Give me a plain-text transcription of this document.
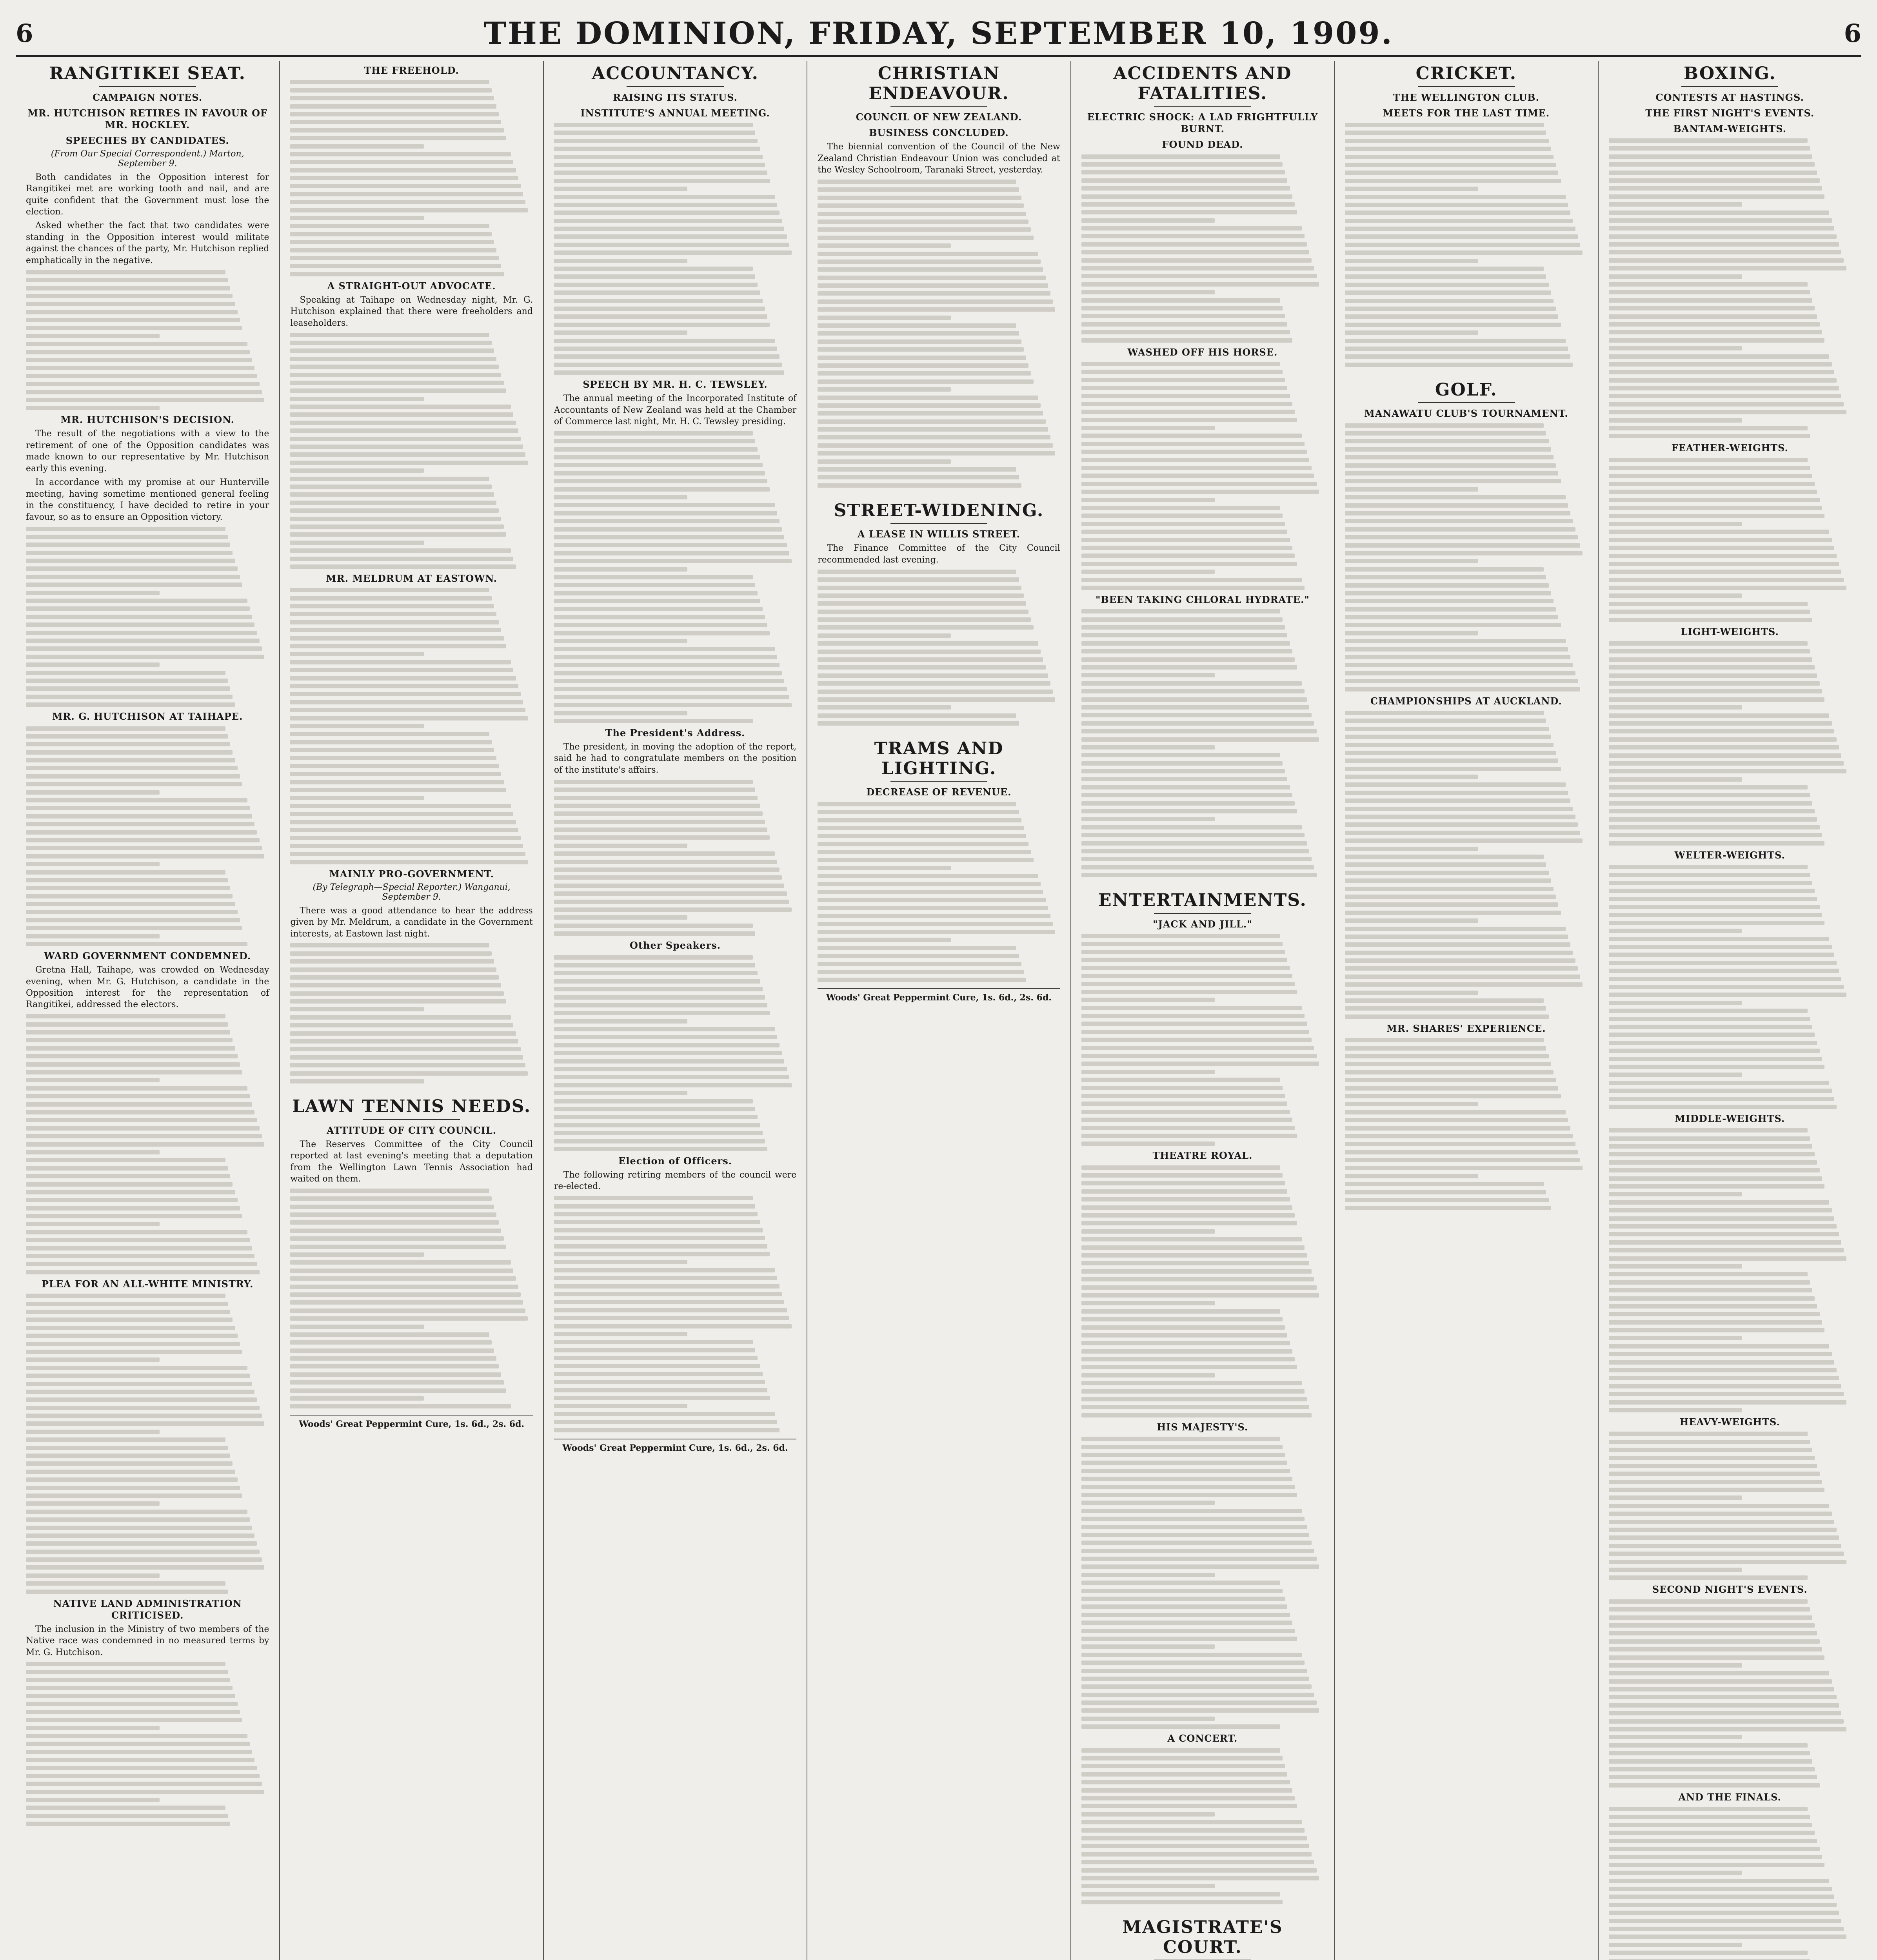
6	THE DOMINION, FRIDAY, SEPTEMBER 10, 1909.	6
RANGITIKEI SEAT.
CAMPAIGN NOTES.
MR. HUTCHISON RETIRES IN FAVOUR OF MR. HOCKLEY.
SPEECHES BY CANDIDATES.
(From Our Special Correspondent.) Marton, September 9.

Both candidates in the Opposition interest for Rangitikei met are working tooth and nail, and are quite confident that the Government must lose the election.

Asked whether the fact that two candidates were standing in the Opposition interest would militate against the chances of the party, Mr. Hutchison replied emphatically in the negative.

MR. HUTCHISON'S DECISION.

The result of the negotiations with a view to the retirement of one of the Opposition candidates was made known to our representative by Mr. Hutchison early this evening.

In accordance with my promise at our Hunterville meeting, having sometime mentioned general feeling in the constituency, I have decided to retire in your favour, so as to ensure an Opposition victory.

MR. G. HUTCHISON AT TAIHAPE.
WARD GOVERNMENT CONDEMNED.

Gretna Hall, Taihape, was crowded on Wednesday evening, when Mr. G. Hutchison, a candidate in the Opposition interest for the representation of Rangitikei, addressed the electors.

PLEA FOR AN ALL-WHITE MINISTRY.
NATIVE LAND ADMINISTRATION CRITICISED.

The inclusion in the Ministry of two members of the Native race was condemned in no measured terms by Mr. G. Hutchison.

THE FREEHOLD.
A STRAIGHT-OUT ADVOCATE.

Speaking at Taihape on Wednesday night, Mr. G. Hutchison explained that there were freeholders and leaseholders.

MR. MELDRUM AT EASTOWN.
MAINLY PRO-GOVERNMENT.
(By Telegraph—Special Reporter.) Wanganui, September 9.

There was a good attendance to hear the address given by Mr. Meldrum, a candidate in the Government interests, at Eastown last night.

LAWN TENNIS NEEDS.
ATTITUDE OF CITY COUNCIL.

The Reserves Committee of the City Council reported at last evening's meeting that a deputation from the Wellington Lawn Tennis Association had waited on them.

Woods' Great Peppermint Cure, 1s. 6d., 2s. 6d.
ACCOUNTANCY.
RAISING ITS STATUS.
INSTITUTE'S ANNUAL MEETING.
SPEECH BY MR. H. C. TEWSLEY.

The annual meeting of the Incorporated Institute of Accountants of New Zealand was held at the Chamber of Commerce last night, Mr. H. C. Tewsley presiding.

The President's Address.

The president, in moving the adoption of the report, said he had to congratulate members on the position of the institute's affairs.

Other Speakers.
Election of Officers.

The following retiring members of the council were re-elected.

Woods' Great Peppermint Cure, 1s. 6d., 2s. 6d.
CHRISTIAN ENDEAVOUR.
COUNCIL OF NEW ZEALAND.
BUSINESS CONCLUDED.

The biennial convention of the Council of the New Zealand Christian Endeavour Union was concluded at the Wesley Schoolroom, Taranaki Street, yesterday.

STREET-WIDENING.
A LEASE IN WILLIS STREET.

The Finance Committee of the City Council recommended last evening.

TRAMS AND LIGHTING.
DECREASE OF REVENUE.
Woods' Great Peppermint Cure, 1s. 6d., 2s. 6d.
ACCIDENTS AND FATALITIES.
ELECTRIC SHOCK: A LAD FRIGHTFULLY BURNT.
FOUND DEAD.
WASHED OFF HIS HORSE.
"BEEN TAKING CHLORAL HYDRATE."
ENTERTAINMENTS.
"JACK AND JILL."
THEATRE ROYAL.
HIS MAJESTY'S.
A CONCERT.
MAGISTRATE'S COURT.
CRICKET.
THE WELLINGTON CLUB.
MEETS FOR THE LAST TIME.
GOLF.
MANAWATU CLUB'S TOURNAMENT.
CHAMPIONSHIPS AT AUCKLAND.
MR. SHARES' EXPERIENCE.
BOXING.
CONTESTS AT HASTINGS.
THE FIRST NIGHT'S EVENTS.
BANTAM-WEIGHTS.
FEATHER-WEIGHTS.
LIGHT-WEIGHTS.
WELTER-WEIGHTS.
MIDDLE-WEIGHTS.
HEAVY-WEIGHTS.
SECOND NIGHT'S EVENTS.
AND THE FINALS.
